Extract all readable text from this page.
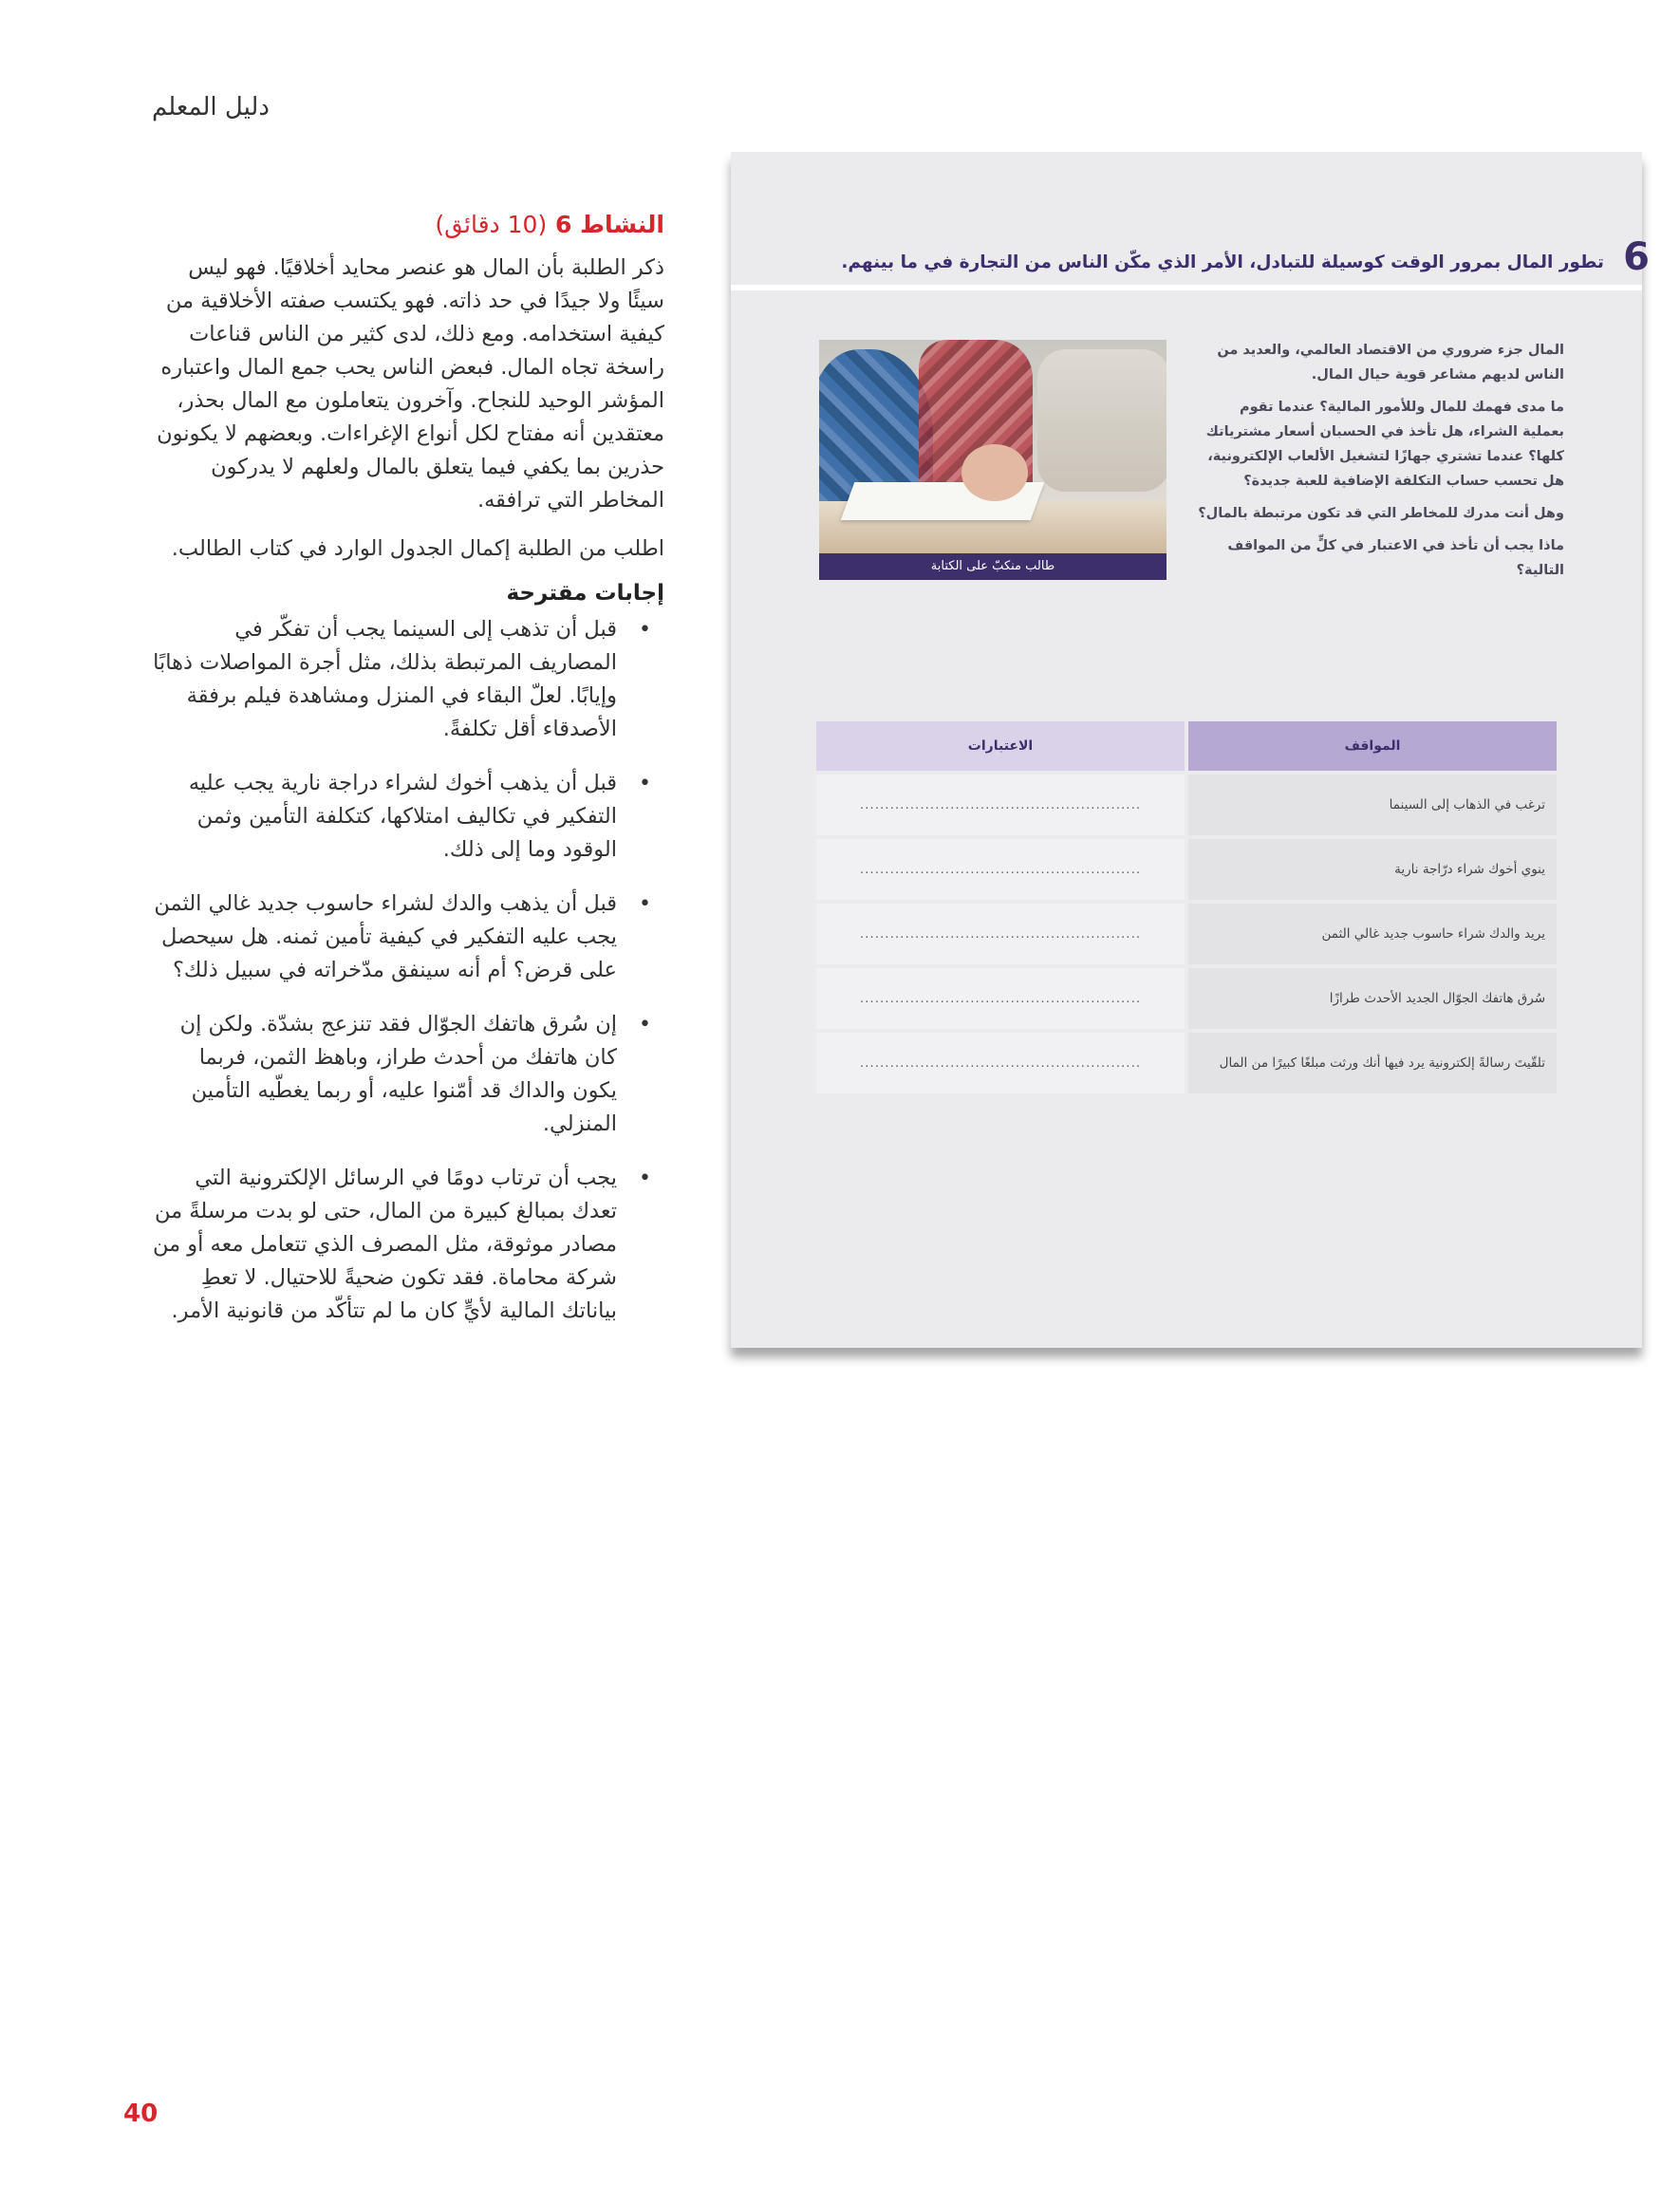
دليل المعلم
النشاط 6 (10 دقائق)

ذكر الطلبة بأن المال هو عنصر محايد أخلاقيًا. فهو ليس سيئًا ولا جيدًا في حد ذاته. فهو يكتسب صفته الأخلاقية من كيفية استخدامه. ومع ذلك، لدى كثير من الناس قناعات راسخة تجاه المال. فبعض الناس يحب جمع المال واعتباره المؤشر الوحيد للنجاح. وآخرون يتعاملون مع المال بحذر، معتقدين أنه مفتاح لكل أنواع الإغراءات. وبعضهم لا يكونون حذرين بما يكفي فيما يتعلق بالمال ولعلهم لا يدركون المخاطر التي ترافقه.

اطلب من الطلبة إكمال الجدول الوارد في كتاب الطالب.

إجابات مقترحة
•
قبل أن تذهب إلى السينما يجب أن تفكّر في المصاريف المرتبطة بذلك، مثل أجرة المواصلات ذهابًا وإيابًا. لعلّ البقاء في المنزل ومشاهدة فيلم برفقة الأصدقاء أقل تكلفةً.
•
قبل أن يذهب أخوك لشراء دراجة نارية يجب عليه التفكير في تكاليف امتلاكها، كتكلفة التأمين وثمن الوقود وما إلى ذلك.
•
قبل أن يذهب والدك لشراء حاسوب جديد غالي الثمن يجب عليه التفكير في كيفية تأمين ثمنه. هل سيحصل على قرض؟ أم أنه سينفق مدّخراته في سبيل ذلك؟
•
إن سُرق هاتفك الجوّال فقد تنزعج بشدّة. ولكن إن كان هاتفك من أحدث طراز، وباهظ الثمن، فربما يكون والداك قد أمّنوا عليه، أو ربما يغطّيه التأمين المنزلي.
•
يجب أن ترتاب دومًا في الرسائل الإلكترونية التي تعدك بمبالغ كبيرة من المال، حتى لو بدت مرسلةً من مصادر موثوقة، مثل المصرف الذي تتعامل معه أو من شركة محاماة. فقد تكون ضحيةً للاحتيال. لا تعطِ بياناتك المالية لأيٍّ كان ما لم تتأكّد من قانونية الأمر.
6
تطور المال بمرور الوقت كوسيلة للتبادل، الأمر الذي مكّن الناس من التجارة في ما بينهم.

المال جزء ضروري من الاقتصاد العالمي، والعديد من الناس لديهم مشاعر قوية حيال المال.

ما مدى فهمك للمال وللأمور المالية؟ عندما تقوم بعملية الشراء، هل تأخذ في الحسبان أسعار مشترياتك كلها؟ عندما تشتري جهازًا لتشغيل الألعاب الإلكترونية، هل تحسب حساب التكلفة الإضافية للعبة جديدة؟

وهل أنت مدرك للمخاطر التي قد تكون مرتبطة بالمال؟

ماذا يجب أن تأخذ في الاعتبار في كلٍّ من المواقف التالية؟

طالب منكبّ على الكتابة
المواقف
الاعتبارات
ترغب في الذهاب إلى السينما
........................................................
ينوي أخوك شراء درّاجة نارية
........................................................
يريد والدك شراء حاسوب جديد غالي الثمن
........................................................
سُرق هاتفك الجوّال الجديد الأحدث طرازًا
........................................................
تلقّيتَ رسالةً إلكترونية يرد فيها أنك ورثت مبلغًا كبيرًا من المال
........................................................
40
